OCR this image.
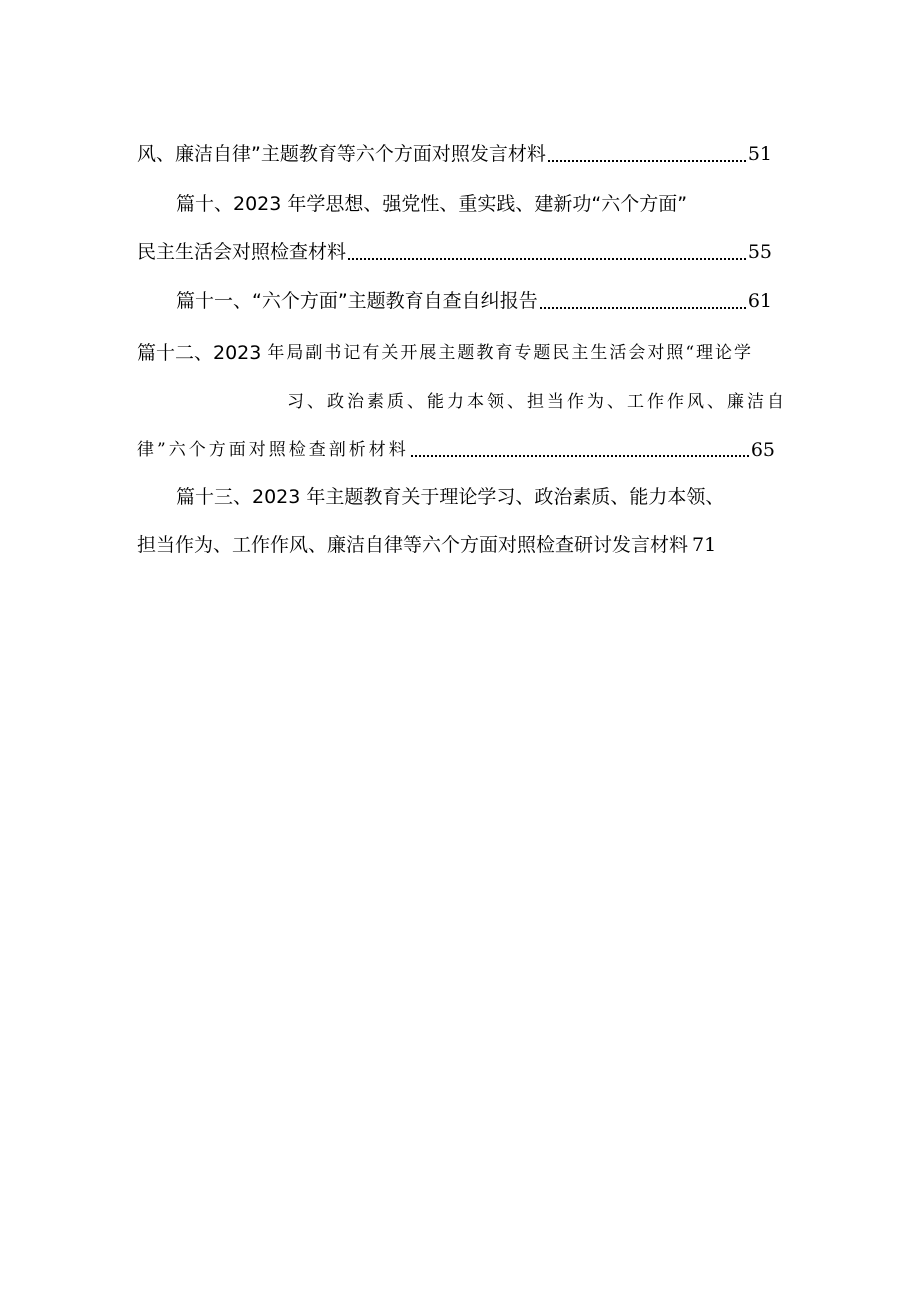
风、廉洁自律”主题教育等六个方面对照发言材料	51
篇十、2023 年学思想、强党性、重实践、建新功“六个方面”
民主生活会对照检查材料	55
篇十一、“六个方面”主题教育自查自纠报告	61
篇十二、2023 年局副书记有关开展主题教育专题民主生活会对照“理论学
习、政治素质、能力本领、担当作为、工作作风、廉洁自
律”六个方面对照检查剖析材料	65
篇十三、2023 年主题教育关于理论学习、政治素质、能力本领、
担当作为、工作作风、廉洁自律等六个方面对照检查研讨发言材料 71
